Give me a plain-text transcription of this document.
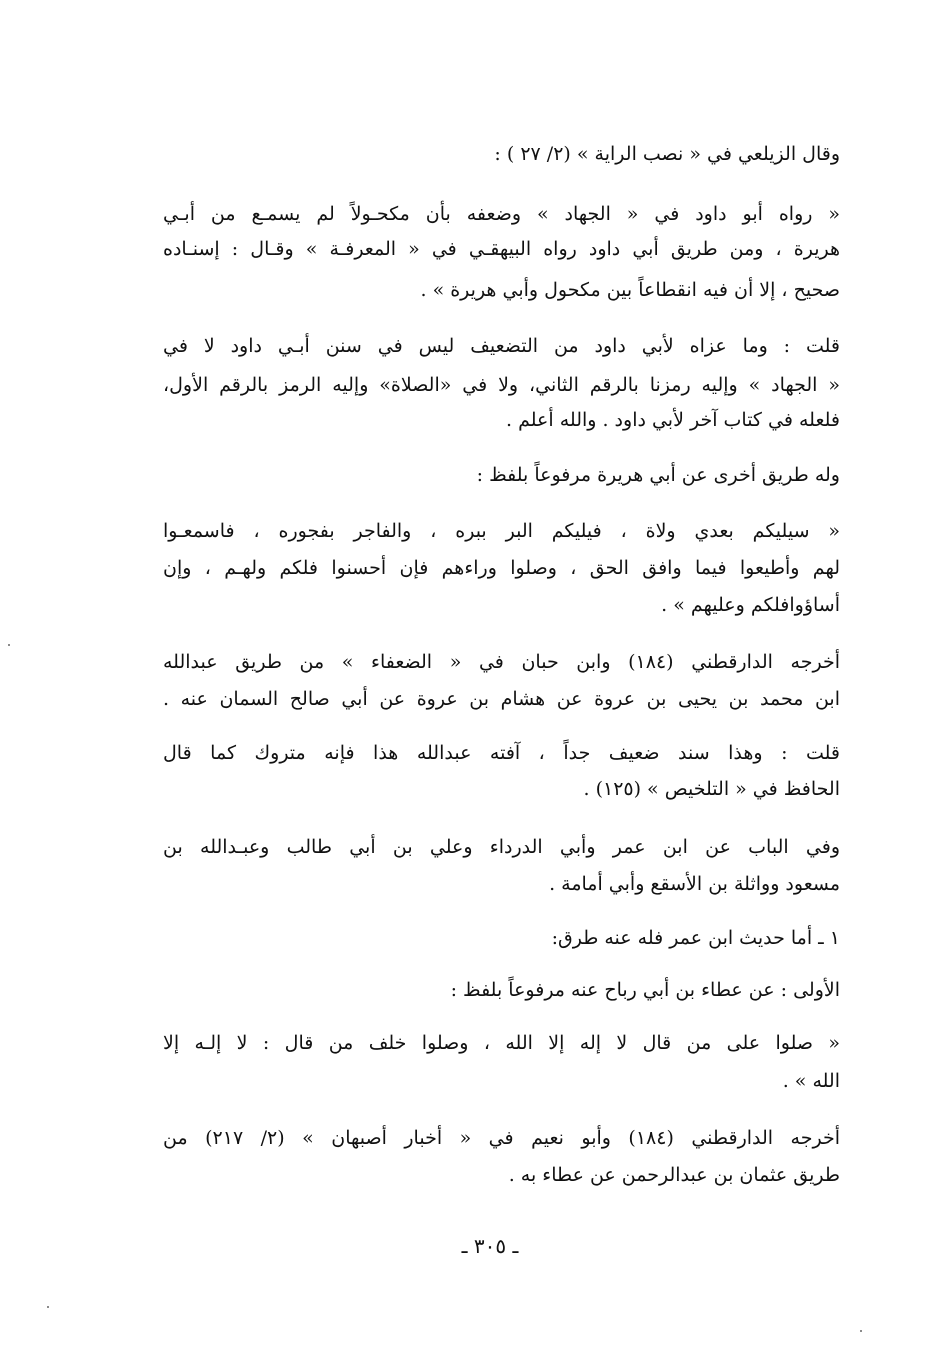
وقال الزيلعي في « نصب الراية » (٢/ ٢٧ ) :
« رواه أبو داود في « الجهاد » وضعفه بأن مكحـولاً لم يسمـع من أبـي
هريرة ، ومن طريق أبي داود رواه البيهقـي في « المعرفـة » وقـال : إسنـاده
صحيح ، إلا أن فيه انقطاعاً بين مكحول وأبي هريرة » .
قلت : وما عزاه لأبي داود من التضعيف ليس في سنن أبـي داود لا في
« الجهاد » وإليه رمزنا بالرقم الثاني، ولا في «الصلاة» وإليه الرمز بالرقم الأول،
فلعله في كتاب آخر لأبي داود . والله أعلم .
وله طريق أخرى عن أبي هريرة مرفوعاً بلفظ :
« سيليكم بعدي ولاة ، فيليكم البر ببره ، والفاجر بفجوره ، فاسمعـوا
لهم وأطيعوا فيما وافق الحق ، وصلوا وراءهم فإن أحسنوا فلكم ولهـم ، وإن
أساؤوافلكم وعليهم » .
أخرجه الدارقطني (١٨٤) وابن حبان في « الضعفاء » من طريق عبدالله
ابن محمد بن يحيى بن عروة عن هشام بن عروة عن أبي صالح السمان عنه .
قلت : وهذا سند ضعيف جداً ، آفته عبدالله هذا فإنه متروك كما قال
الحافظ في « التلخيص » (١٢٥) .
وفي الباب عن ابن عمر وأبي الدرداء وعلي بن أبي طالب وعبـدالله بن
مسعود وواثلة بن الأسقع وأبي أمامة .
١ ـ أما حديث ابن عمر فله عنه طرق:
الأولى : عن عطاء بن أبي رباح عنه مرفوعاً بلفظ :
« صلوا على من قال لا إله إلا الله ، وصلوا خلف من قال : لا إلـه إلا
الله » .
أخرجه الدارقطني (١٨٤) وأبو نعيم في « أخبار أصبهان » (٢/ ٢١٧) من
طريق عثمان بن عبدالرحمن عن عطاء به .
ـ ٣٠٥ ـ
